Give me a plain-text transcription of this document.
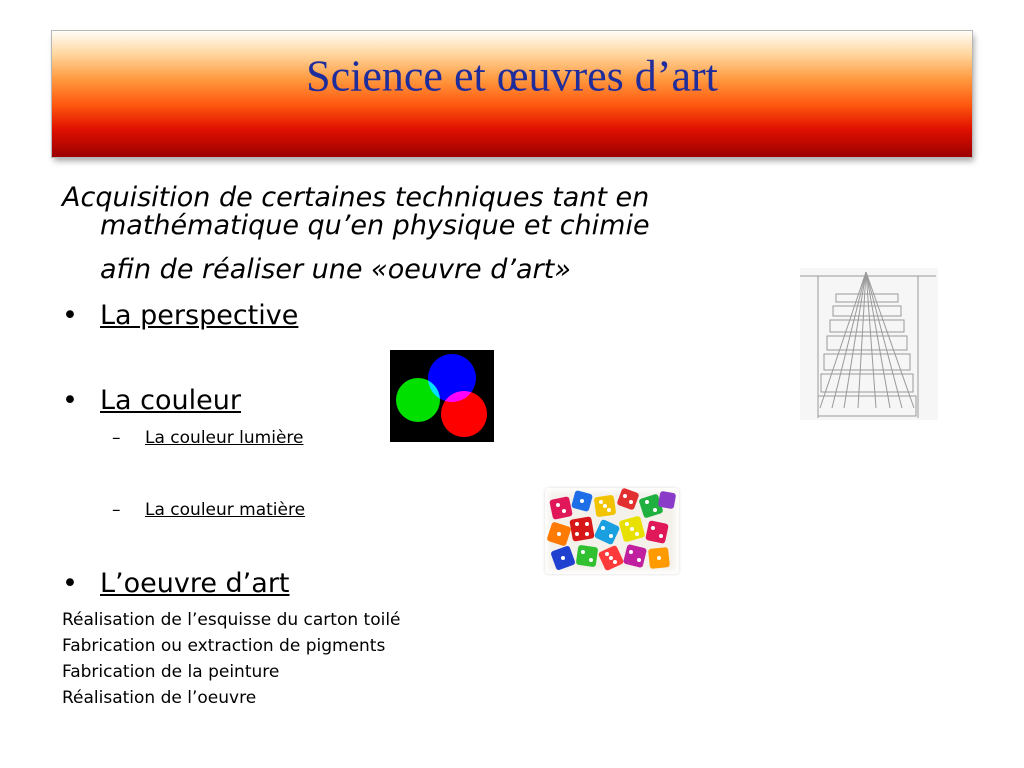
Science et œuvres d’art
Acquisition de certaines techniques tant en
mathématique qu’en physique et chimie
afin de réaliser une «oeuvre d’art»
• La perspective
• La couleur
– La couleur lumière
– La couleur matière
• L’oeuvre d’art
Réalisation de l’esquisse du carton toilé
Fabrication ou extraction de pigments
Fabrication de la peinture
Réalisation de l’oeuvre
